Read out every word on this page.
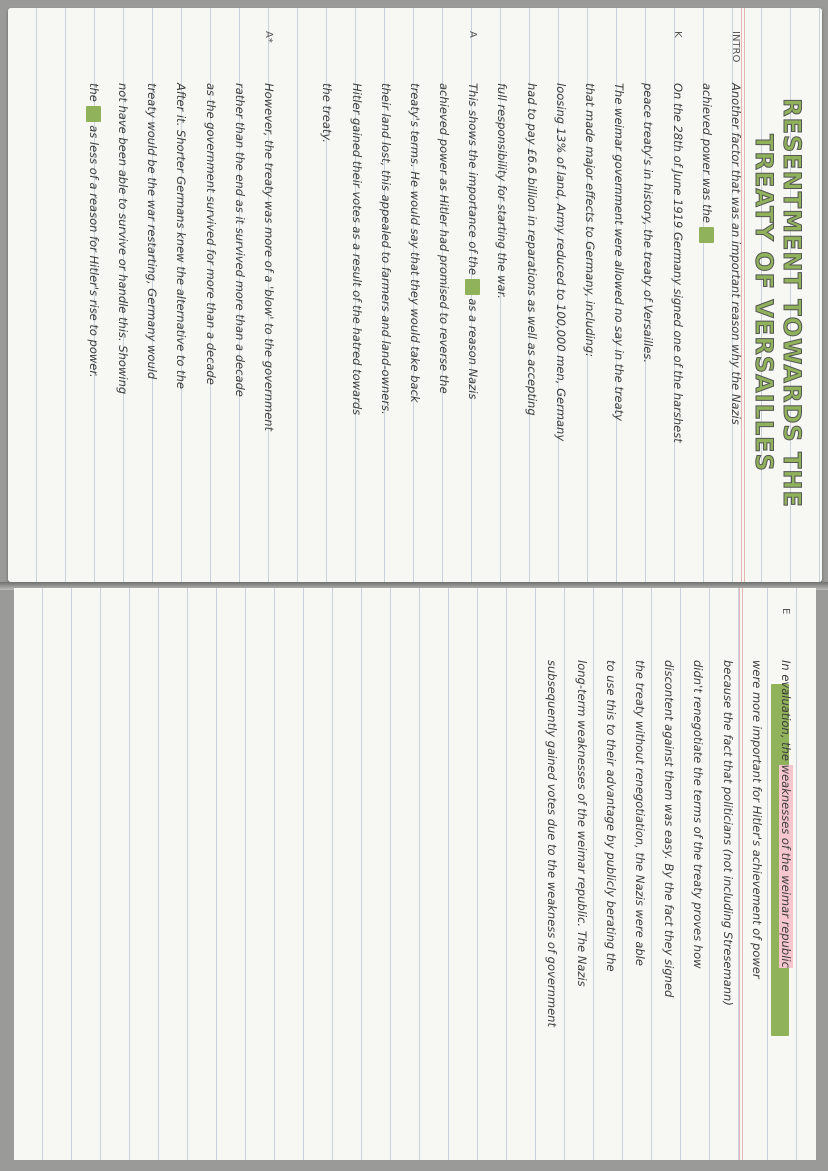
RESENTMENT TOWARDS THE

TREATY OF VERSAILLES

INTRO
Another factor that was an important reason why the Nazis
achieved power was the
K
On the 28th of June 1919 Germany signed one of the harshest
peace treaty's in history, the treaty of Versailles.
The weimar government were allowed no say in the treaty
that made major effects to Germany, including:
loosing 13% of land, Army reduced to 100,000 men, Germany
had to pay £6.6 billion in reparations as well as accepting
full responsibility for starting the war.
A
This shows the importance of the  as a reason Nazis
achieved power as Hitler had promised to reverse the
treaty's terms. He would say that they would take back
their land lost, this appealed to farmers and land-owners.
Hitler gained their votes as a result of the hatred towards
the treaty.
A*
However, the treaty was more of a 'blow' to the government
rather than the end as it survived more than a decade
as the government survived for more than a decade
After it. Shorter Germans knew the alternative to the
treaty would be the war restarting, Germany would
not have been able to survive or handle this. Showing
the  as less of a reason for Hitler's rise to power.
E
In evaluation, the weaknesses of the weimar republic
were more important for Hitler's achievement of power
because the fact that politicians (not including Stresemann)
didn't renegotiate the terms of the treaty proves how
discontent against them was easy. By the fact they signed
the treaty without renegotiation, the Nazis were able
to use this to their advantage by publicly berating the
long-term weaknesses of the weimar republic. The Nazis
subsequently gained votes due to the weakness of government
